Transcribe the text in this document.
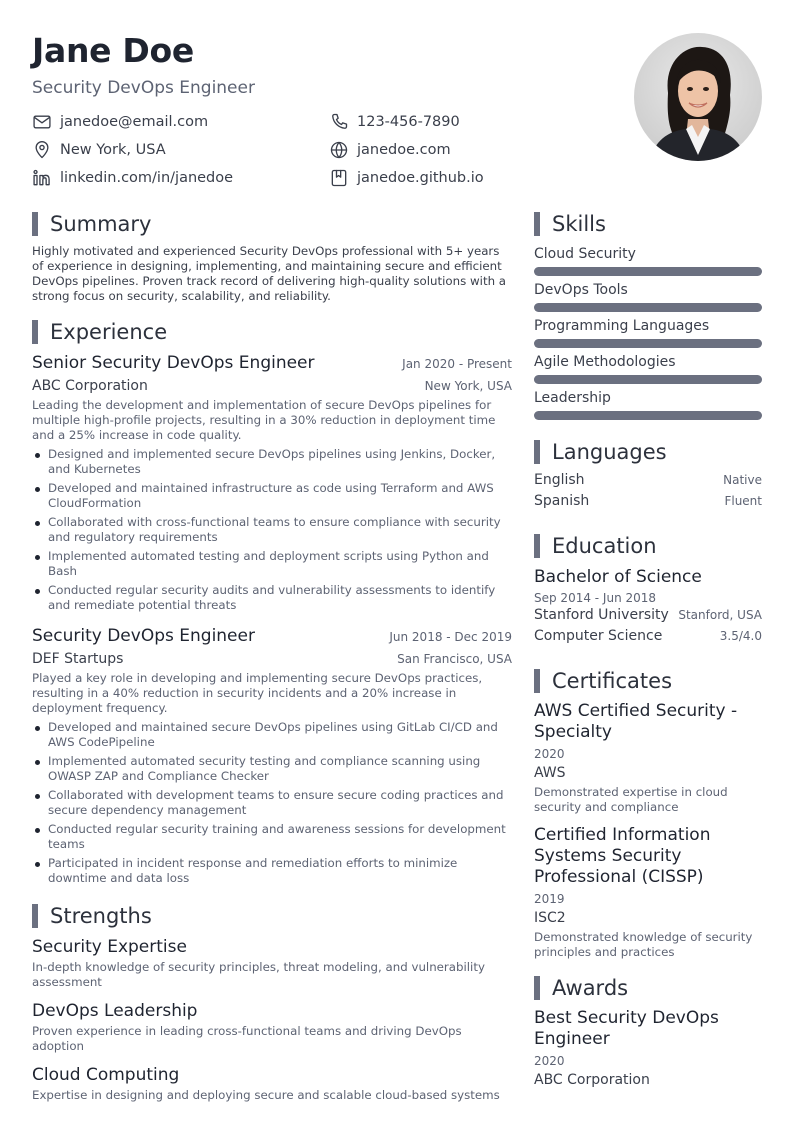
Jane Doe
Security DevOps Engineer
janedoe@email.com	123-456-7890
New York, USA	janedoe.com
linkedin.com/in/janedoe	janedoe.github.io
Summary
Highly motivated and experienced Security DevOps professional with 5+ years of experience in designing, implementing, and maintaining secure and efficient DevOps pipelines. Proven track record of delivering high-quality solutions with a strong focus on security, scalability, and reliability.
Experience
Senior Security DevOps Engineer	Jan 2020 - Present
ABC Corporation	New York, USA
Leading the development and implementation of secure DevOps pipelines for multiple high-profile projects, resulting in a 30% reduction in deployment time and a 25% increase in code quality.
Designed and implemented secure DevOps pipelines using Jenkins, Docker, and Kubernetes
Developed and maintained infrastructure as code using Terraform and AWS CloudFormation
Collaborated with cross-functional teams to ensure compliance with security and regulatory requirements
Implemented automated testing and deployment scripts using Python and Bash
Conducted regular security audits and vulnerability assessments to identify and remediate potential threats
Security DevOps Engineer	Jun 2018 - Dec 2019
DEF Startups	San Francisco, USA
Played a key role in developing and implementing secure DevOps practices, resulting in a 40% reduction in security incidents and a 20% increase in deployment frequency.
Developed and maintained secure DevOps pipelines using GitLab CI/CD and AWS CodePipeline
Implemented automated security testing and compliance scanning using OWASP ZAP and Compliance Checker
Collaborated with development teams to ensure secure coding practices and secure dependency management
Conducted regular security training and awareness sessions for development teams
Participated in incident response and remediation efforts to minimize downtime and data loss
Strengths
Security Expertise
In-depth knowledge of security principles, threat modeling, and vulnerability assessment
DevOps Leadership
Proven experience in leading cross-functional teams and driving DevOps adoption
Cloud Computing
Expertise in designing and deploying secure and scalable cloud-based systems
Skills
Cloud Security
DevOps Tools
Programming Languages
Agile Methodologies
Leadership
Languages
English	Native
Spanish	Fluent
Education
Bachelor of Science
Sep 2014 - Jun 2018
Stanford University Stanford, USA
Computer Science	3.5/4.0
Certificates
AWS Certified Security - Specialty
2020
AWS
Demonstrated expertise in cloud security and compliance
Certified Information Systems Security Professional (CISSP)
2019
ISC2
Demonstrated knowledge of security principles and practices
Awards
Best Security DevOps Engineer
2020
ABC Corporation
